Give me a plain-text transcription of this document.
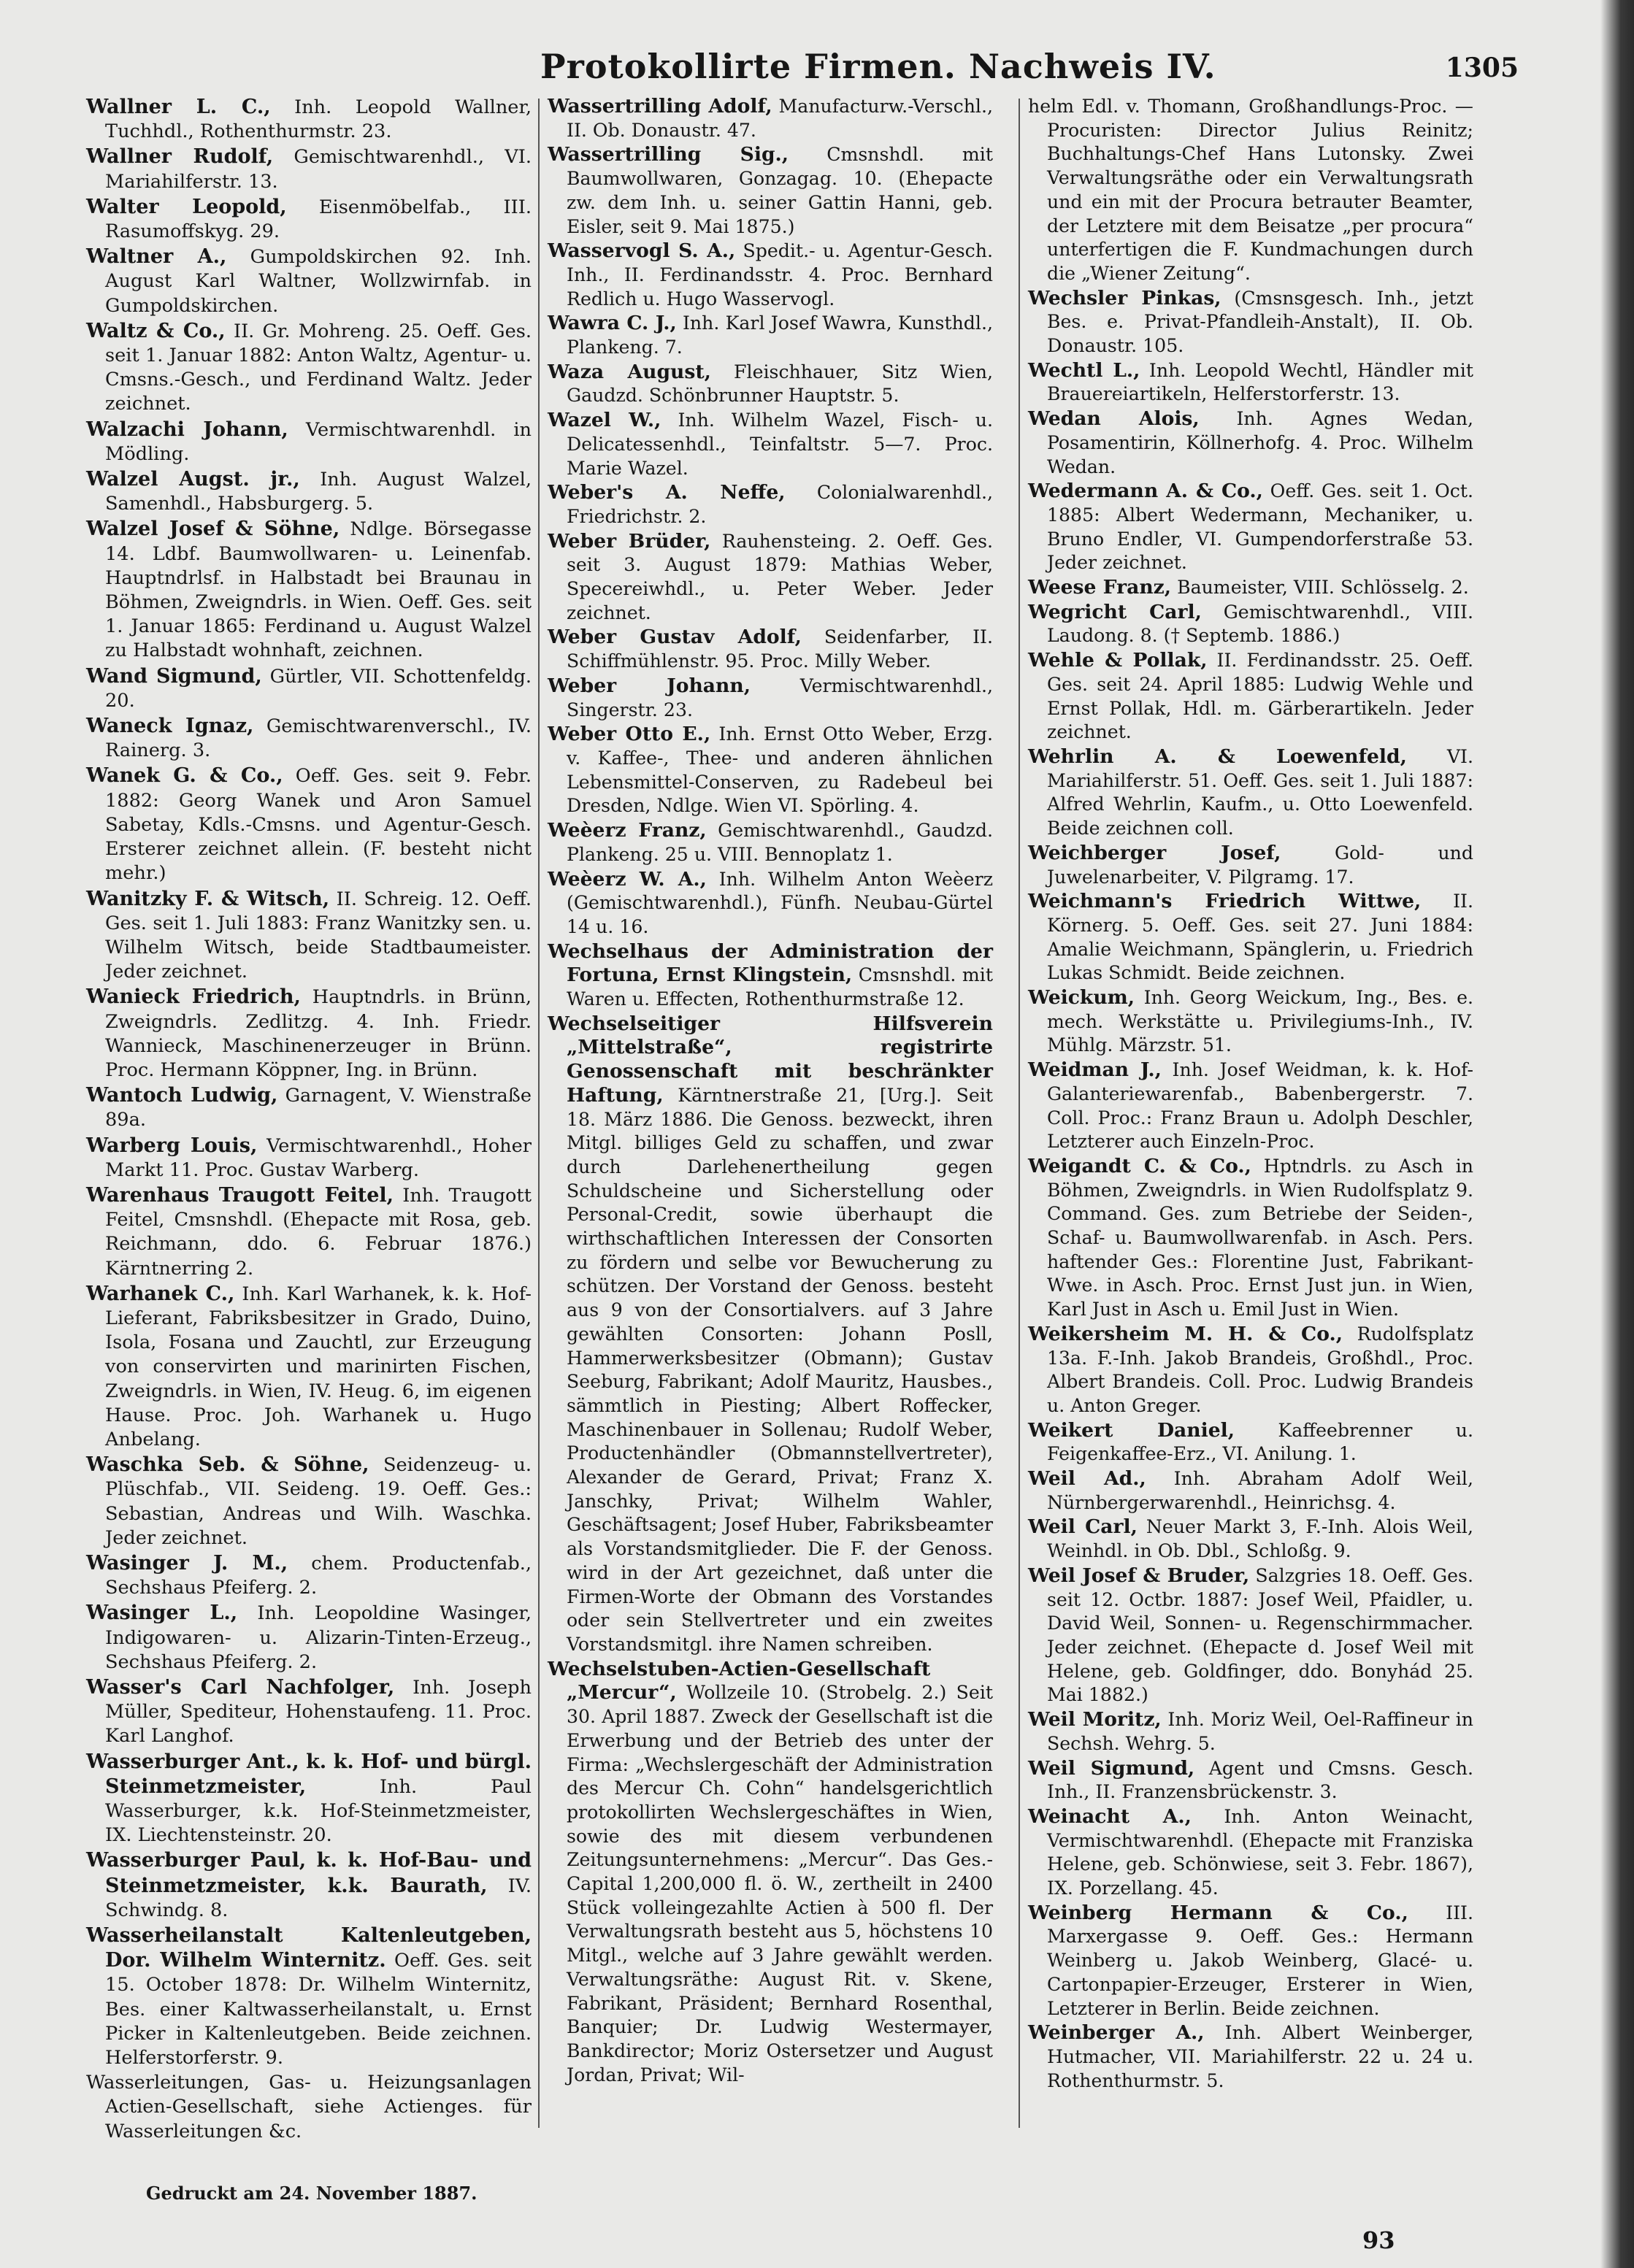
Protokollirte Firmen. Nachweis IV.	1305

Wallner L. C., Inh. Leopold Wallner, Tuchhdl., Rothenthurmstr. 23.

Wallner Rudolf, Gemischtwarenhdl., VI. Mariahilferstr. 13.

Walter Leopold, Eisenmöbelfab., III. Rasumoffskyg. 29.

Waltner A., Gumpoldskirchen 92. Inh. August Karl Waltner, Wollzwirnfab. in Gumpoldskirchen.

Waltz & Co., II. Gr. Mohreng. 25. Oeff. Ges. seit 1. Januar 1882: Anton Waltz, Agentur- u. Cmsns.-Gesch., und Ferdinand Waltz. Jeder zeichnet.

Walzachi Johann, Vermischtwarenhdl. in Mödling.

Walzel Augst. jr., Inh. August Walzel, Samenhdl., Habsburgerg. 5.

Walzel Josef & Söhne, Ndlge. Börsegasse 14. Ldbf. Baumwollwaren- u. Leinenfab. Hauptndrlsf. in Halbstadt bei Braunau in Böhmen, Zweigndrls. in Wien. Oeff. Ges. seit 1. Januar 1865: Ferdinand u. August Walzel zu Halbstadt wohnhaft, zeichnen.

Wand Sigmund, Gürtler, VII. Schottenfeldg. 20.

Waneck Ignaz, Gemischtwarenverschl., IV. Rainerg. 3.

Wanek G. & Co., Oeff. Ges. seit 9. Febr. 1882: Georg Wanek und Aron Samuel Sabetay, Kdls.-Cmsns. und Agentur-Gesch. Ersterer zeichnet allein. (F. besteht nicht mehr.)

Wanitzky F. & Witsch, II. Schreig. 12. Oeff. Ges. seit 1. Juli 1883: Franz Wanitzky sen. u. Wilhelm Witsch, beide Stadtbaumeister. Jeder zeichnet.

Wanieck Friedrich, Hauptndrls. in Brünn, Zweigndrls. Zedlitzg. 4. Inh. Friedr. Wannieck, Maschinenerzeuger in Brünn. Proc. Hermann Köppner, Ing. in Brünn.

Wantoch Ludwig, Garnagent, V. Wienstraße 89a.

Warberg Louis, Vermischtwarenhdl., Hoher Markt 11. Proc. Gustav Warberg.

Warenhaus Traugott Feitel, Inh. Traugott Feitel, Cmsnshdl. (Ehepacte mit Rosa, geb. Reichmann, ddo. 6. Februar 1876.) Kärntnerring 2.

Warhanek C., Inh. Karl Warhanek, k. k. Hof-Lieferant, Fabriksbesitzer in Grado, Duino, Isola, Fosana und Zauchtl, zur Erzeugung von conservirten und marinirten Fischen, Zweigndrls. in Wien, IV. Heug. 6, im eigenen Hause. Proc. Joh. Warhanek u. Hugo Anbelang.

Waschka Seb. & Söhne, Seidenzeug- u. Plüschfab., VII. Seideng. 19. Oeff. Ges.: Sebastian, Andreas und Wilh. Waschka. Jeder zeichnet.

Wasinger J. M., chem. Productenfab., Sechshaus Pfeiferg. 2.

Wasinger L., Inh. Leopoldine Wasinger, Indigowaren- u. Alizarin-Tinten-Erzeug., Sechshaus Pfeiferg. 2.

Wasser's Carl Nachfolger, Inh. Joseph Müller, Spediteur, Hohenstaufeng. 11. Proc. Karl Langhof.

Wasserburger Ant., k. k. Hof- und bürgl. Steinmetzmeister,	Inh. Paul Wasserburger, k.k. Hof-Steinmetzmeister, IX. Liechtensteinstr. 20.

Wasserburger Paul, k. k. Hof-Bau- und Steinmetzmeister, k.k. Baurath, IV. Schwindg. 8.

Wasserheilanstalt Kaltenleutgeben, Dor. Wilhelm Winternitz. Oeff. Ges. seit 15. October 1878: Dr. Wilhelm Winternitz, Bes. einer Kaltwasserheilanstalt, u. Ernst Picker in Kaltenleutgeben. Beide zeichnen. Helferstorferstr. 9.

Wasserleitungen, Gas- u. Heizungsanlagen Actien-Gesellschaft, siehe Actienges. für Wasserleitungen &c.

Wassertrilling Adolf, Manufacturw.-Verschl., II. Ob. Donaustr. 47.

Wassertrilling Sig., Cmsnshdl. mit Baumwollwaren, Gonzagag. 10. (Ehepacte zw. dem Inh. u. seiner Gattin Hanni, geb. Eisler, seit 9. Mai 1875.)

Wasservogl S. A., Spedit.- u. Agentur-Gesch. Inh., II. Ferdinandsstr. 4. Proc. Bernhard Redlich u. Hugo Wasservogl.

Wawra C. J., Inh. Karl Josef Wawra, Kunsthdl., Plankeng. 7.

Waza August, Fleischhauer, Sitz Wien, Gaudzd. Schönbrunner Hauptstr. 5.

Wazel W., Inh. Wilhelm Wazel, Fisch- u. Delicatessenhdl., Teinfaltstr. 5—7. Proc. Marie Wazel.

Weber's A. Neffe, Colonialwarenhdl., Friedrichstr. 2.

Weber Brüder, Rauhensteing. 2. Oeff. Ges. seit 3. August 1879: Mathias Weber, Specereiwhdl., u. Peter Weber. Jeder zeichnet.

Weber Gustav Adolf, Seidenfarber, II. Schiffmühlenstr. 95. Proc. Milly Weber.

Weber Johann,	Vermischtwarenhdl., Singerstr. 23.

Weber Otto E., Inh. Ernst Otto Weber, Erzg. v. Kaffee-, Thee- und anderen ähnlichen Lebensmittel-Conserven, zu Radebeul bei Dresden, Ndlge. Wien VI. Spörling. 4.

Weèerz Franz, Gemischtwarenhdl., Gaudzd. Plankeng. 25 u. VIII. Bennoplatz 1.

Weèerz W. A., Inh. Wilhelm Anton Weèerz (Gemischtwarenhdl.), Fünfh. Neubau-Gürtel 14 u. 16.

Wechselhaus der Administration der Fortuna, Ernst Klingstein, Cmsnshdl. mit Waren u. Effecten, Rothenthurmstraße 12.

Wechselseitiger Hilfsverein „Mittelstraße“, registrirte Genossenschaft mit beschränkter Haftung, Kärntnerstraße 21, [Urg.]. Seit 18. März 1886. Die Genoss. bezweckt, ihren Mitgl. billiges Geld zu schaffen, und zwar durch Darlehenertheilung gegen Schuldscheine und Sicherstellung oder Personal-Credit, sowie überhaupt die wirthschaftlichen Interessen der Consorten zu fördern und selbe vor Bewucherung zu schützen. Der Vorstand der Genoss. besteht aus 9 von der Consortialvers. auf 3 Jahre gewählten Consorten: Johann Posll, Hammerwerksbesitzer (Obmann); Gustav Seeburg, Fabrikant; Adolf Mauritz, Hausbes., sämmtlich in Piesting; Albert Roffecker, Maschinenbauer in Sollenau; Rudolf Weber, Productenhändler (Obmannstellvertreter), Alexander de Gerard, Privat; Franz X. Janschky, Privat; Wilhelm Wahler, Geschäftsagent; Josef Huber, Fabriksbeamter als Vorstandsmitglieder. Die F. der Genoss. wird in der Art gezeichnet, daß unter die Firmen-Worte der Obmann des Vorstandes oder sein Stellvertreter und ein zweites Vorstandsmitgl. ihre Namen schreiben.

Wechselstuben-Actien-Gesellschaft „Mercur“, Wollzeile 10. (Strobelg. 2.) Seit 30. April 1887. Zweck der Gesellschaft ist die Erwerbung und der Betrieb des unter der Firma: „Wechslergeschäft der Administration des Mercur Ch. Cohn“ handelsgerichtlich protokollirten Wechslergeschäftes in Wien, sowie des mit diesem verbundenen Zeitungsunternehmens: „Mercur“. Das Ges.-Capital 1,200,000 fl. ö. W., zertheilt in 2400 Stück volleingezahlte Actien à 500 fl. Der Verwaltungsrath besteht aus 5, höchstens 10 Mitgl., welche auf 3 Jahre gewählt werden. Verwaltungsräthe: August Rit. v. Skene, Fabrikant, Präsident; Bernhard Rosenthal, Banquier; Dr. Ludwig Westermayer, Bankdirector; Moriz Ostersetzer und August Jordan, Privat; Wil-

helm Edl. v. Thomann, Großhandlungs-Proc. — Procuristen: Director Julius Reinitz; Buchhaltungs-Chef Hans Lutonsky. Zwei Verwaltungsräthe oder ein Verwaltungsrath und ein mit der Procura betrauter Beamter, der Letztere mit dem Beisatze „per procura“ unterfertigen die F. Kundmachungen durch die „Wiener Zeitung“.

Wechsler Pinkas, (Cmsnsgesch. Inh., jetzt Bes. e. Privat-Pfandleih-Anstalt), II. Ob. Donaustr. 105.

Wechtl L., Inh. Leopold Wechtl, Händler mit Brauereiartikeln, Helferstorferstr. 13.

Wedan Alois, Inh. Agnes Wedan, Posamentirin, Köllnerhofg. 4. Proc. Wilhelm Wedan.

Wedermann A. & Co., Oeff. Ges. seit 1. Oct. 1885: Albert Wedermann, Mechaniker, u. Bruno Endler, VI. Gumpendorferstraße 53. Jeder zeichnet.

Weese Franz, Baumeister, VIII. Schlösselg. 2.

Wegricht Carl, Gemischtwarenhdl., VIII. Laudong. 8. († Septemb. 1886.)

Wehle & Pollak, II. Ferdinandsstr. 25. Oeff. Ges. seit 24. April 1885: Ludwig Wehle und Ernst Pollak, Hdl. m. Gärberartikeln. Jeder zeichnet.

Wehrlin A. & Loewenfeld, VI. Mariahilferstr. 51. Oeff. Ges. seit 1. Juli 1887: Alfred Wehrlin, Kaufm., u. Otto Loewenfeld. Beide zeichnen coll.

Weichberger Josef,	Gold- und Juwelenarbeiter, V. Pilgramg. 17.

Weichmann's Friedrich Wittwe, II. Körnerg. 5. Oeff. Ges. seit 27. Juni 1884: Amalie Weichmann, Spänglerin, u. Friedrich Lukas Schmidt. Beide zeichnen.

Weickum, Inh. Georg Weickum, Ing., Bes. e. mech. Werkstätte u. Privilegiums-Inh., IV. Mühlg. Märzstr. 51.

Weidman J., Inh. Josef Weidman, k. k. Hof-Galanteriewarenfab., Babenbergerstr. 7. Coll. Proc.: Franz Braun u. Adolph Deschler, Letzterer auch Einzeln-Proc.

Weigandt C. & Co., Hptndrls. zu Asch in Böhmen, Zweigndrls. in Wien Rudolfsplatz 9. Command. Ges. zum Betriebe der Seiden-, Schaf- u. Baumwollwarenfab. in Asch. Pers. haftender Ges.: Florentine Just, Fabrikant-Wwe. in Asch. Proc. Ernst Just jun. in Wien, Karl Just in Asch u. Emil Just in Wien.

Weikersheim M. H. & Co., Rudolfsplatz 13a. F.-Inh. Jakob Brandeis, Großhdl., Proc. Albert Brandeis. Coll. Proc. Ludwig Brandeis u. Anton Greger.

Weikert Daniel, Kaffeebrenner u. Feigenkaffee-Erz., VI. Anilung. 1.

Weil Ad., Inh. Abraham Adolf Weil, Nürnbergerwarenhdl., Heinrichsg. 4.

Weil Carl, Neuer Markt 3, F.-Inh. Alois Weil, Weinhdl. in Ob. Dbl., Schloßg. 9.

Weil Josef & Bruder, Salzgries 18. Oeff. Ges. seit 12. Octbr. 1887: Josef Weil, Pfaidler, u. David Weil, Sonnen- u. Regenschirmmacher. Jeder zeichnet. (Ehepacte d. Josef Weil mit Helene, geb. Goldfinger, ddo. Bonyhád 25. Mai 1882.)

Weil Moritz, Inh. Moriz Weil, Oel-Raffineur in Sechsh. Wehrg. 5.

Weil Sigmund, Agent und Cmsns. Gesch. Inh., II. Franzensbrückenstr. 3.

Weinacht A., Inh. Anton Weinacht, Vermischtwarenhdl. (Ehepacte mit Franziska Helene, geb. Schönwiese, seit 3. Febr. 1867), IX. Porzellang. 45.

Weinberg Hermann & Co., III. Marxergasse 9. Oeff. Ges.: Hermann Weinberg u. Jakob Weinberg, Glacé- u. Cartonpapier-Erzeuger, Ersterer in Wien, Letzterer in Berlin. Beide zeichnen.

Weinberger A., Inh. Albert Weinberger, Hutmacher, VII. Mariahilferstr. 22 u. 24 u. Rothenthurmstr. 5.

Gedruckt am 24. November 1887.
93
